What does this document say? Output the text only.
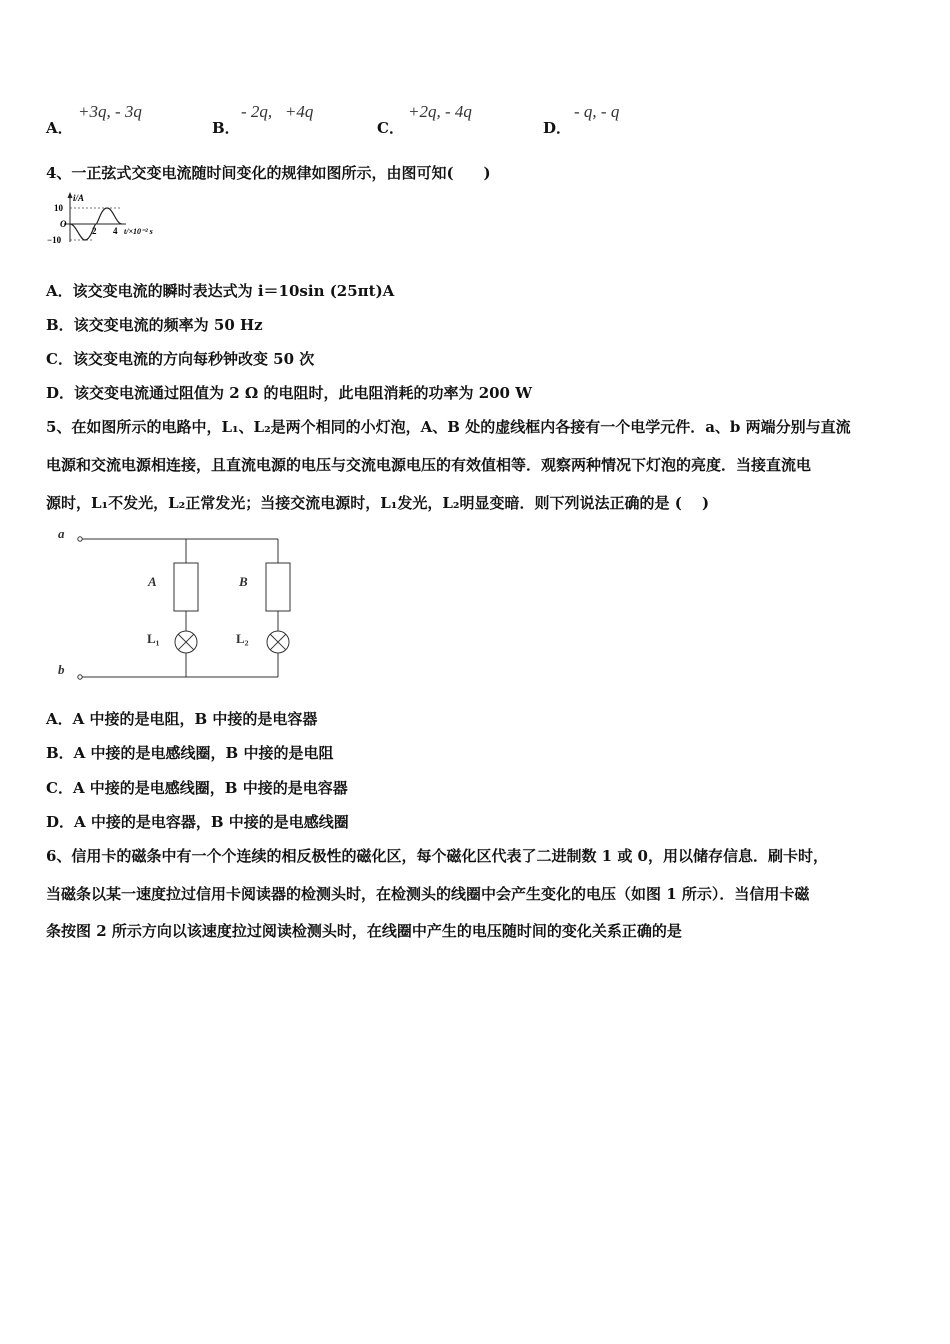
A．
+3q, - 3q
B．
- 2q,   +4q
C．
+2q, - 4q
D．
- q, - q
4、一正弦式交变电流随时间变化的规律如图所示，由图可知(　　)
i/A
10
O
−10
2 4 t/×10⁻² s
A．该交变电流的瞬时表达式为 i＝10sin (25πt)A
B．该交变电流的频率为 50 Hz
C．该交变电流的方向每秒钟改变 50 次
D．该交变电流通过阻值为 2 Ω 的电阻时，此电阻消耗的功率为 200 W
5、在如图所示的电路中，L₁、L₂是两个相同的小灯泡，A、B 处的虚线框内各接有一个电学元件．a、b 两端分别与直流
电源和交流电源相连接，且直流电源的电压与交流电源电压的有效值相等．观察两种情况下灯泡的亮度．当接直流电
源时，L₁不发光，L₂正常发光；当接交流电源时，L₁发光，L₂明显变暗．则下列说法正确的是 (　 )
a
b
A
L₁
B
L₂
A．A 中接的是电阻，B 中接的是电容器
B．A 中接的是电感线圈，B 中接的是电阻
C．A 中接的是电感线圈，B 中接的是电容器
D．A 中接的是电容器，B 中接的是电感线圈
6、信用卡的磁条中有一个个连续的相反极性的磁化区，每个磁化区代表了二进制数 1 或 0，用以储存信息．刷卡时，
当磁条以某一速度拉过信用卡阅读器的检测头时，在检测头的线圈中会产生变化的电压（如图 1 所示）．当信用卡磁
条按图 2 所示方向以该速度拉过阅读检测头时，在线圈中产生的电压随时间的变化关系正确的是
